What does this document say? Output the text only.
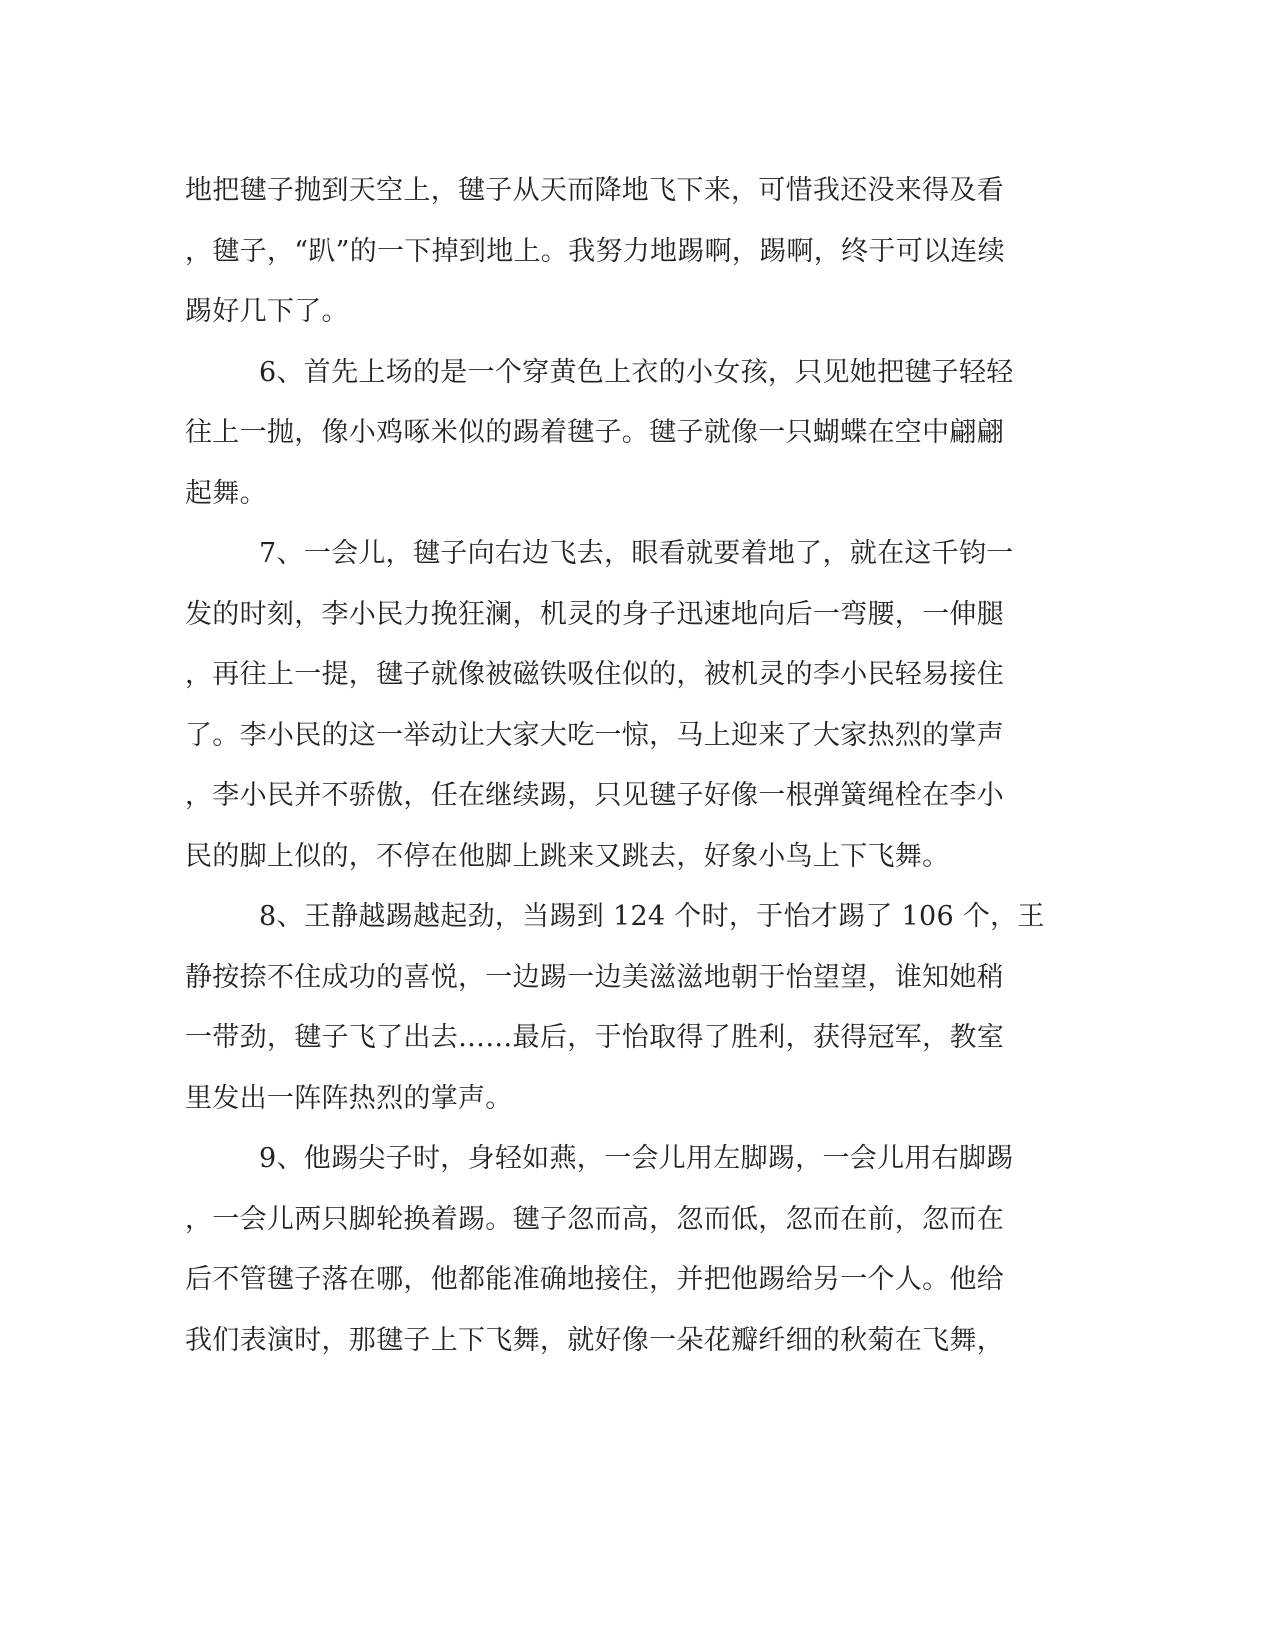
地把毽子抛到天空上，毽子从天而降地飞下来，可惜我还没来得及看
，毽子，“趴”的一下掉到地上。我努力地踢啊，踢啊，终于可以连续
踢好几下了。
6、首先上场的是一个穿黄色上衣的小女孩，只见她把毽子轻轻
往上一抛，像小鸡啄米似的踢着毽子。毽子就像一只蝴蝶在空中翩翩
起舞。
7、一会儿，毽子向右边飞去，眼看就要着地了，就在这千钧一
发的时刻，李小民力挽狂澜，机灵的身子迅速地向后一弯腰，一伸腿
，再往上一提，毽子就像被磁铁吸住似的，被机灵的李小民轻易接住
了。李小民的这一举动让大家大吃一惊，马上迎来了大家热烈的掌声
，李小民并不骄傲，任在继续踢，只见毽子好像一根弹簧绳栓在李小
民的脚上似的，不停在他脚上跳来又跳去，好象小鸟上下飞舞。
8、王静越踢越起劲，当踢到 124 个时，于怡才踢了 106 个，王
静按捺不住成功的喜悦，一边踢一边美滋滋地朝于怡望望，谁知她稍
一带劲，毽子飞了出去……最后，于怡取得了胜利，获得冠军，教室
里发出一阵阵热烈的掌声。
9、他踢尖子时，身轻如燕，一会儿用左脚踢，一会儿用右脚踢
，一会儿两只脚轮换着踢。毽子忽而高，忽而低，忽而在前，忽而在
后不管毽子落在哪，他都能准确地接住，并把他踢给另一个人。他给
我们表演时，那毽子上下飞舞，就好像一朵花瓣纤细的秋菊在飞舞，
